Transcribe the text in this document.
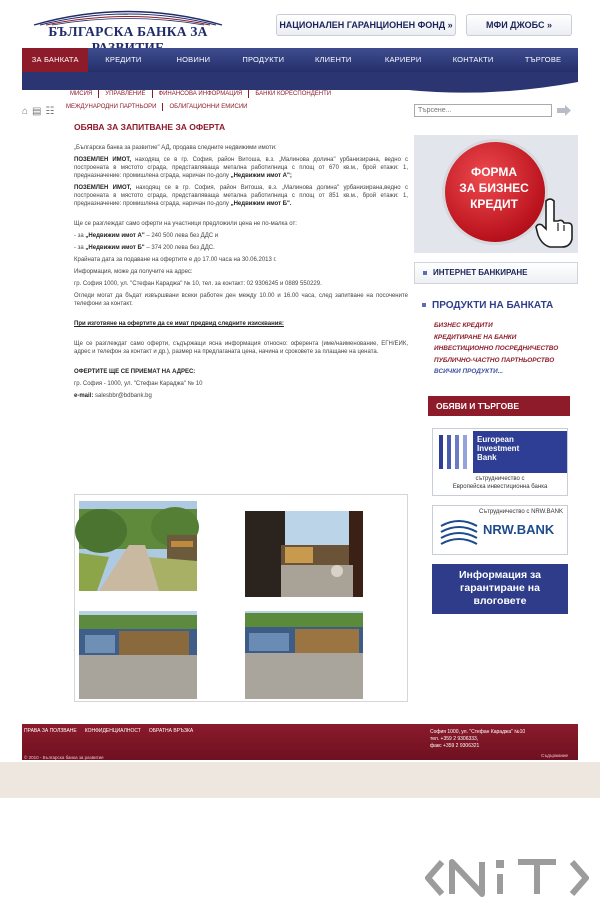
БЪЛГАРСКА БАНКА ЗА	НАЦИОНАЛЕН ГАРАНЦИОНЕН ФОНД »	МФИ ДЖОБС »
ЗА БАНКАТА	КРЕДИТИ	НОВИНИ	ПРОДУКТИ	КЛИЕНТИ	КАРИЕРИ	КОНТАКТИ	ТЪРГОВЕ
МИСИЯ	УПРАВЛЕНИЕ	ФИНАНСОВА ИНФОРМАЦИЯ	БАНКИ КОРЕСПОНДЕНТИ
МЕЖДУНАРОДНИ ПАРТНЬОРИ	ОБЛИГАЦИОННИ ЕМИСИИ
⌂ ▤ ☷
ОБЯВА ЗА ЗАПИТВАНЕ ЗА ОФЕРТА

„Българска банка за развитие" АД, продава следните недвижими имоти:

ПОЗЕМЛЕН ИМОТ, находящ се в гр. София, район Витоша, в.з. „Малинова долина" урбанизирана, ведно с построената в мястото сграда, представляваща метална работилница с площ от 670 кв.м., брой етажи: 1, предназначение: промишлена сграда, наричан по-долу „Недвижим имот А";

ПОЗЕМЛЕН ИМОТ, находящ се в гр. София, район Витоша, в.з. „Малинова долина" урбанизирана,ведно с построената в мястото сграда, представляваща метална работилница с площ от 851 кв.м., брой етажи: 1, предназначение: промишлена сграда, наричан по-долу „Недвижим имот Б".

Ще се разглеждат само оферти на участници предложили цена не по-малка от:

- за „Недвижим имот А" – 240 500 лева без ДДС и

- за „Недвижим имот Б" – 374 200 лева без ДДС.

Крайната дата за подаване на офертите е до 17.00 часа на 30.06.2013 г.

Информация, може да получите на адрес:

гр. София 1000, ул. "Стефан Караджа" № 10, тел. за контакт: 02 9306245 и 0889 550229.

Огледи могат да бъдат извършвани всеки работен ден между 10.00 и 16.00 часа, след запитване на посочените телефони за контакт.

При изготвяне на офертите да се имат предвид следните изисквания:

Ще се разглеждат само оферти, съдържащи ясна информация относно: оферента (име/наименование, ЕГН/ЕИК, адрес и телефон за контакт и др.), размер на предлаганата цена, начина и сроковете за плащане на цената.

ОФЕРТИТЕ ЩЕ СЕ ПРИЕМАТ НА АДРЕС:

гр. София - 1000, ул. "Стефан Караджа" № 10

e-mail: salesbbr@bdbank.bg

Търсене...
ФОРМА
ЗА БИЗНЕС
КРЕДИТ
ИНТЕРНЕТ БАНКИРАНЕ
ПРОДУКТИ НА БАНКАТА
БИЗНЕС КРЕДИТИ
КРЕДИТИРАНЕ НА БАНКИ
ИНВЕСТИЦИОННО ПОСРЕДНИЧЕСТВО
ПУБЛИЧНО-ЧАСТНО ПАРТНЬОРСТВО
ВСИЧКИ ПРОДУКТИ...
ОБЯВИ И ТЪРГОВЕ
European
Investment
Bank
сътрудничество с
Европейска инвестиционна банка
Сътрудничество с NRW.BANK
NRW.BANK
Информация за
гарантиране на
влоговете
ПРАВА ЗА ПОЛЗВАНЕ КОНФИДЕНЦИАЛНОСТ ОБРАТНА ВРЪЗКА	София 1000, ул. "Стефан Караджа" №10
тел. +359 2 9306333,
факс +359 2 9306321
© 2010 - Българска банка за развитие	Съдържание
NIT
